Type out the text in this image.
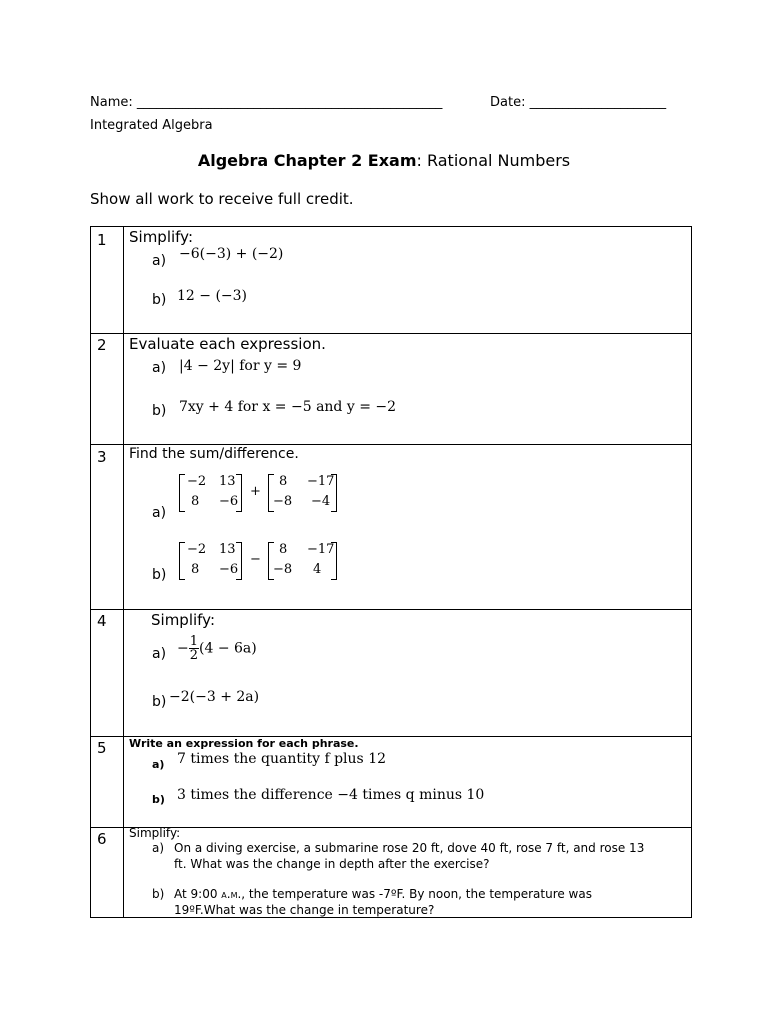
Name: _______________________________________________	Date: _____________________
Integrated Algebra
Algebra Chapter 2 Exam: Rational Numbers
Show all work to receive full credit.
1 Simplify:
a) −6(−3) + (−2)
b) 12 − (−3)
2 Evaluate each expression.
a) |4 − 2y| for y = 9
b) 7xy + 4 for x = −5 and y = −2
3 Find the sum/difference.
a)
−2 13
8 −6
+
8 −17
−8 −4
b)
−2 13
8 −6
−
8 −17
−8 4
4	Simplify:
$a) - \frac{1}{2} (4 - 6a)$
b) −2(−3 + 2a)
5 Write an expression for each phrase.
a) 7 times the quantity f plus 12
b) 3 times the difference −4 times q minus 10
6 Simplify:
a) On a diving exercise, a submarine rose 20 ft, dove 40 ft, rose 7 ft, and rose 13
ft. What was the change in depth after the exercise?
b) At 9:00 a.m., the temperature was -7ºF. By noon, the temperature was
19ºF.What was the change in temperature?
